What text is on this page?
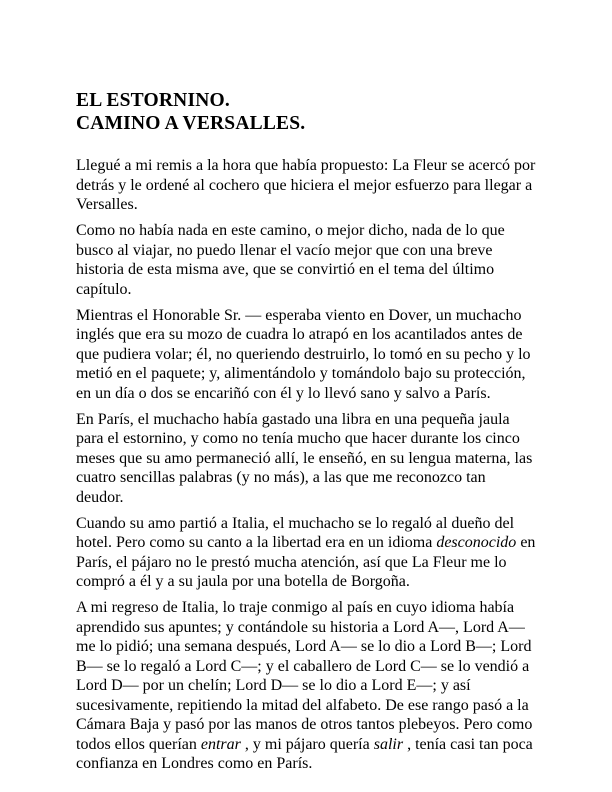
EL ESTORNINO.
CAMINO A VERSALLES.

Llegué a mi remis a la hora que había propuesto: La Fleur se acercó por detrás y le ordené al cochero que hiciera el mejor esfuerzo para llegar a Versalles.

Como no había nada en este camino, o mejor dicho, nada de lo que busco al viajar, no puedo llenar el vacío mejor que con una breve historia de esta misma ave, que se convirtió en el tema del último capítulo.

Mientras el Honorable Sr. — esperaba viento en Dover, un muchacho inglés que era su mozo de cuadra lo atrapó en los acantilados antes de que pudiera volar; él, no queriendo destruirlo, lo tomó en su pecho y lo metió en el paquete; y, alimentándolo y tomándolo bajo su protección, en un día o dos se encariñó con él y lo llevó sano y salvo a París.

En París, el muchacho había gastado una libra en una pequeña jaula para el estornino, y como no tenía mucho que hacer durante los cinco meses que su amo permaneció allí, le enseñó, en su lengua materna, las cuatro sencillas palabras (y no más), a las que me reconozco tan deudor.

Cuando su amo partió a Italia, el muchacho se lo regaló al dueño del hotel. Pero como su canto a la libertad era en un idioma desconocido en París, el pájaro no le prestó mucha atención, así que La Fleur me lo compró a él y a su jaula por una botella de Borgoña.

A mi regreso de Italia, lo traje conmigo al país en cuyo idioma había aprendido sus apuntes; y contándole su historia a Lord A—, Lord A— me lo pidió; una semana después, Lord A— se lo dio a Lord B—; Lord B— se lo regaló a Lord C—; y el caballero de Lord C— se lo vendió a Lord D— por un chelín; Lord D— se lo dio a Lord E—; y así sucesivamente, repitiendo la mitad del alfabeto. De ese rango pasó a la Cámara Baja y pasó por las manos de otros tantos plebeyos. Pero como todos ellos querían entrar , y mi pájaro quería salir , tenía casi tan poca confianza en Londres como en París.
